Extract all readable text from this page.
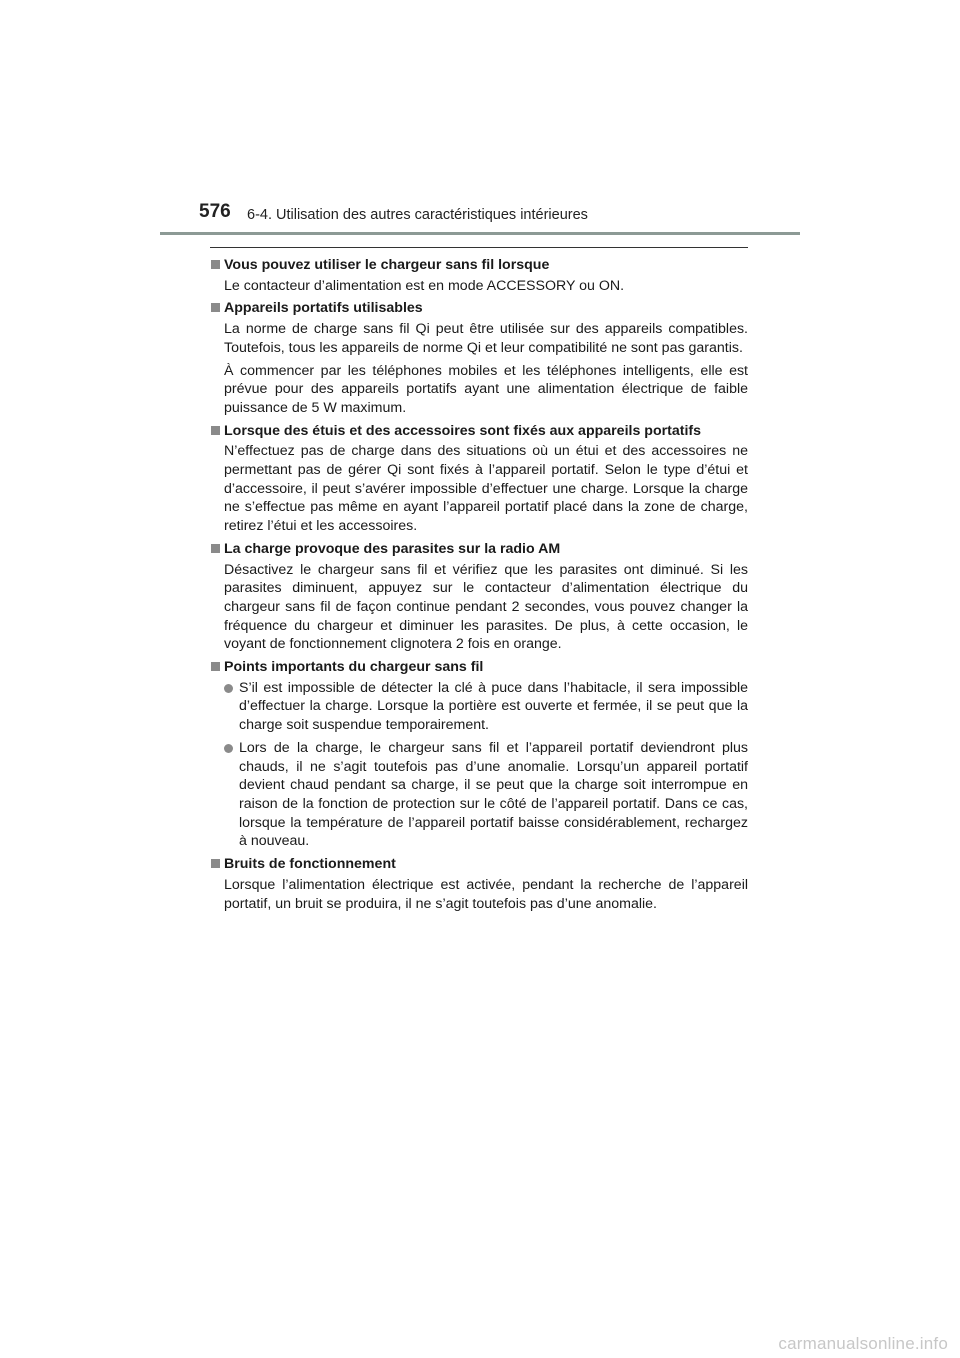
576 6-4. Utilisation des autres caractéristiques intérieures
Vous pouvez utiliser le chargeur sans fil lorsque
Le contacteur d’alimentation est en mode ACCESSORY ou ON.
Appareils portatifs utilisables
La norme de charge sans fil Qi peut être utilisée sur des appareils compatibles. Toutefois, tous les appareils de norme Qi et leur compatibilité ne sont pas garantis.
À commencer par les téléphones mobiles et les téléphones intelligents, elle est prévue pour des appareils portatifs ayant une alimentation électrique de faible puissance de 5 W maximum.
Lorsque des étuis et des accessoires sont fixés aux appareils portatifs
N’effectuez pas de charge dans des situations où un étui et des accessoires ne permettant pas de gérer Qi sont fixés à l’appareil portatif. Selon le type d’étui et d’accessoire, il peut s’avérer impossible d’effectuer une charge. Lorsque la charge ne s’effectue pas même en ayant l’appareil portatif placé dans la zone de charge, retirez l’étui et les accessoires.
La charge provoque des parasites sur la radio AM
Désactivez le chargeur sans fil et vérifiez que les parasites ont diminué. Si les parasites diminuent, appuyez sur le contacteur d’alimentation électrique du chargeur sans fil de façon continue pendant 2 secondes, vous pouvez changer la fréquence du chargeur et diminuer les parasites. De plus, à cette occasion, le voyant de fonctionnement clignotera 2 fois en orange.
Points importants du chargeur sans fil
S’il est impossible de détecter la clé à puce dans l’habitacle, il sera impossible d’effectuer la charge. Lorsque la portière est ouverte et fermée, il se peut que la charge soit suspendue temporairement.
Lors de la charge, le chargeur sans fil et l’appareil portatif deviendront plus chauds, il ne s’agit toutefois pas d’une anomalie. Lorsqu’un appareil portatif devient chaud pendant sa charge, il se peut que la charge soit interrompue en raison de la fonction de protection sur le côté de l’appareil portatif. Dans ce cas, lorsque la température de l’appareil portatif baisse considérablement, rechargez à nouveau.
Bruits de fonctionnement
Lorsque l’alimentation électrique est activée, pendant la recherche de l’appareil portatif, un bruit se produira, il ne s’agit toutefois pas d’une anomalie.
carmanualsonline.info
